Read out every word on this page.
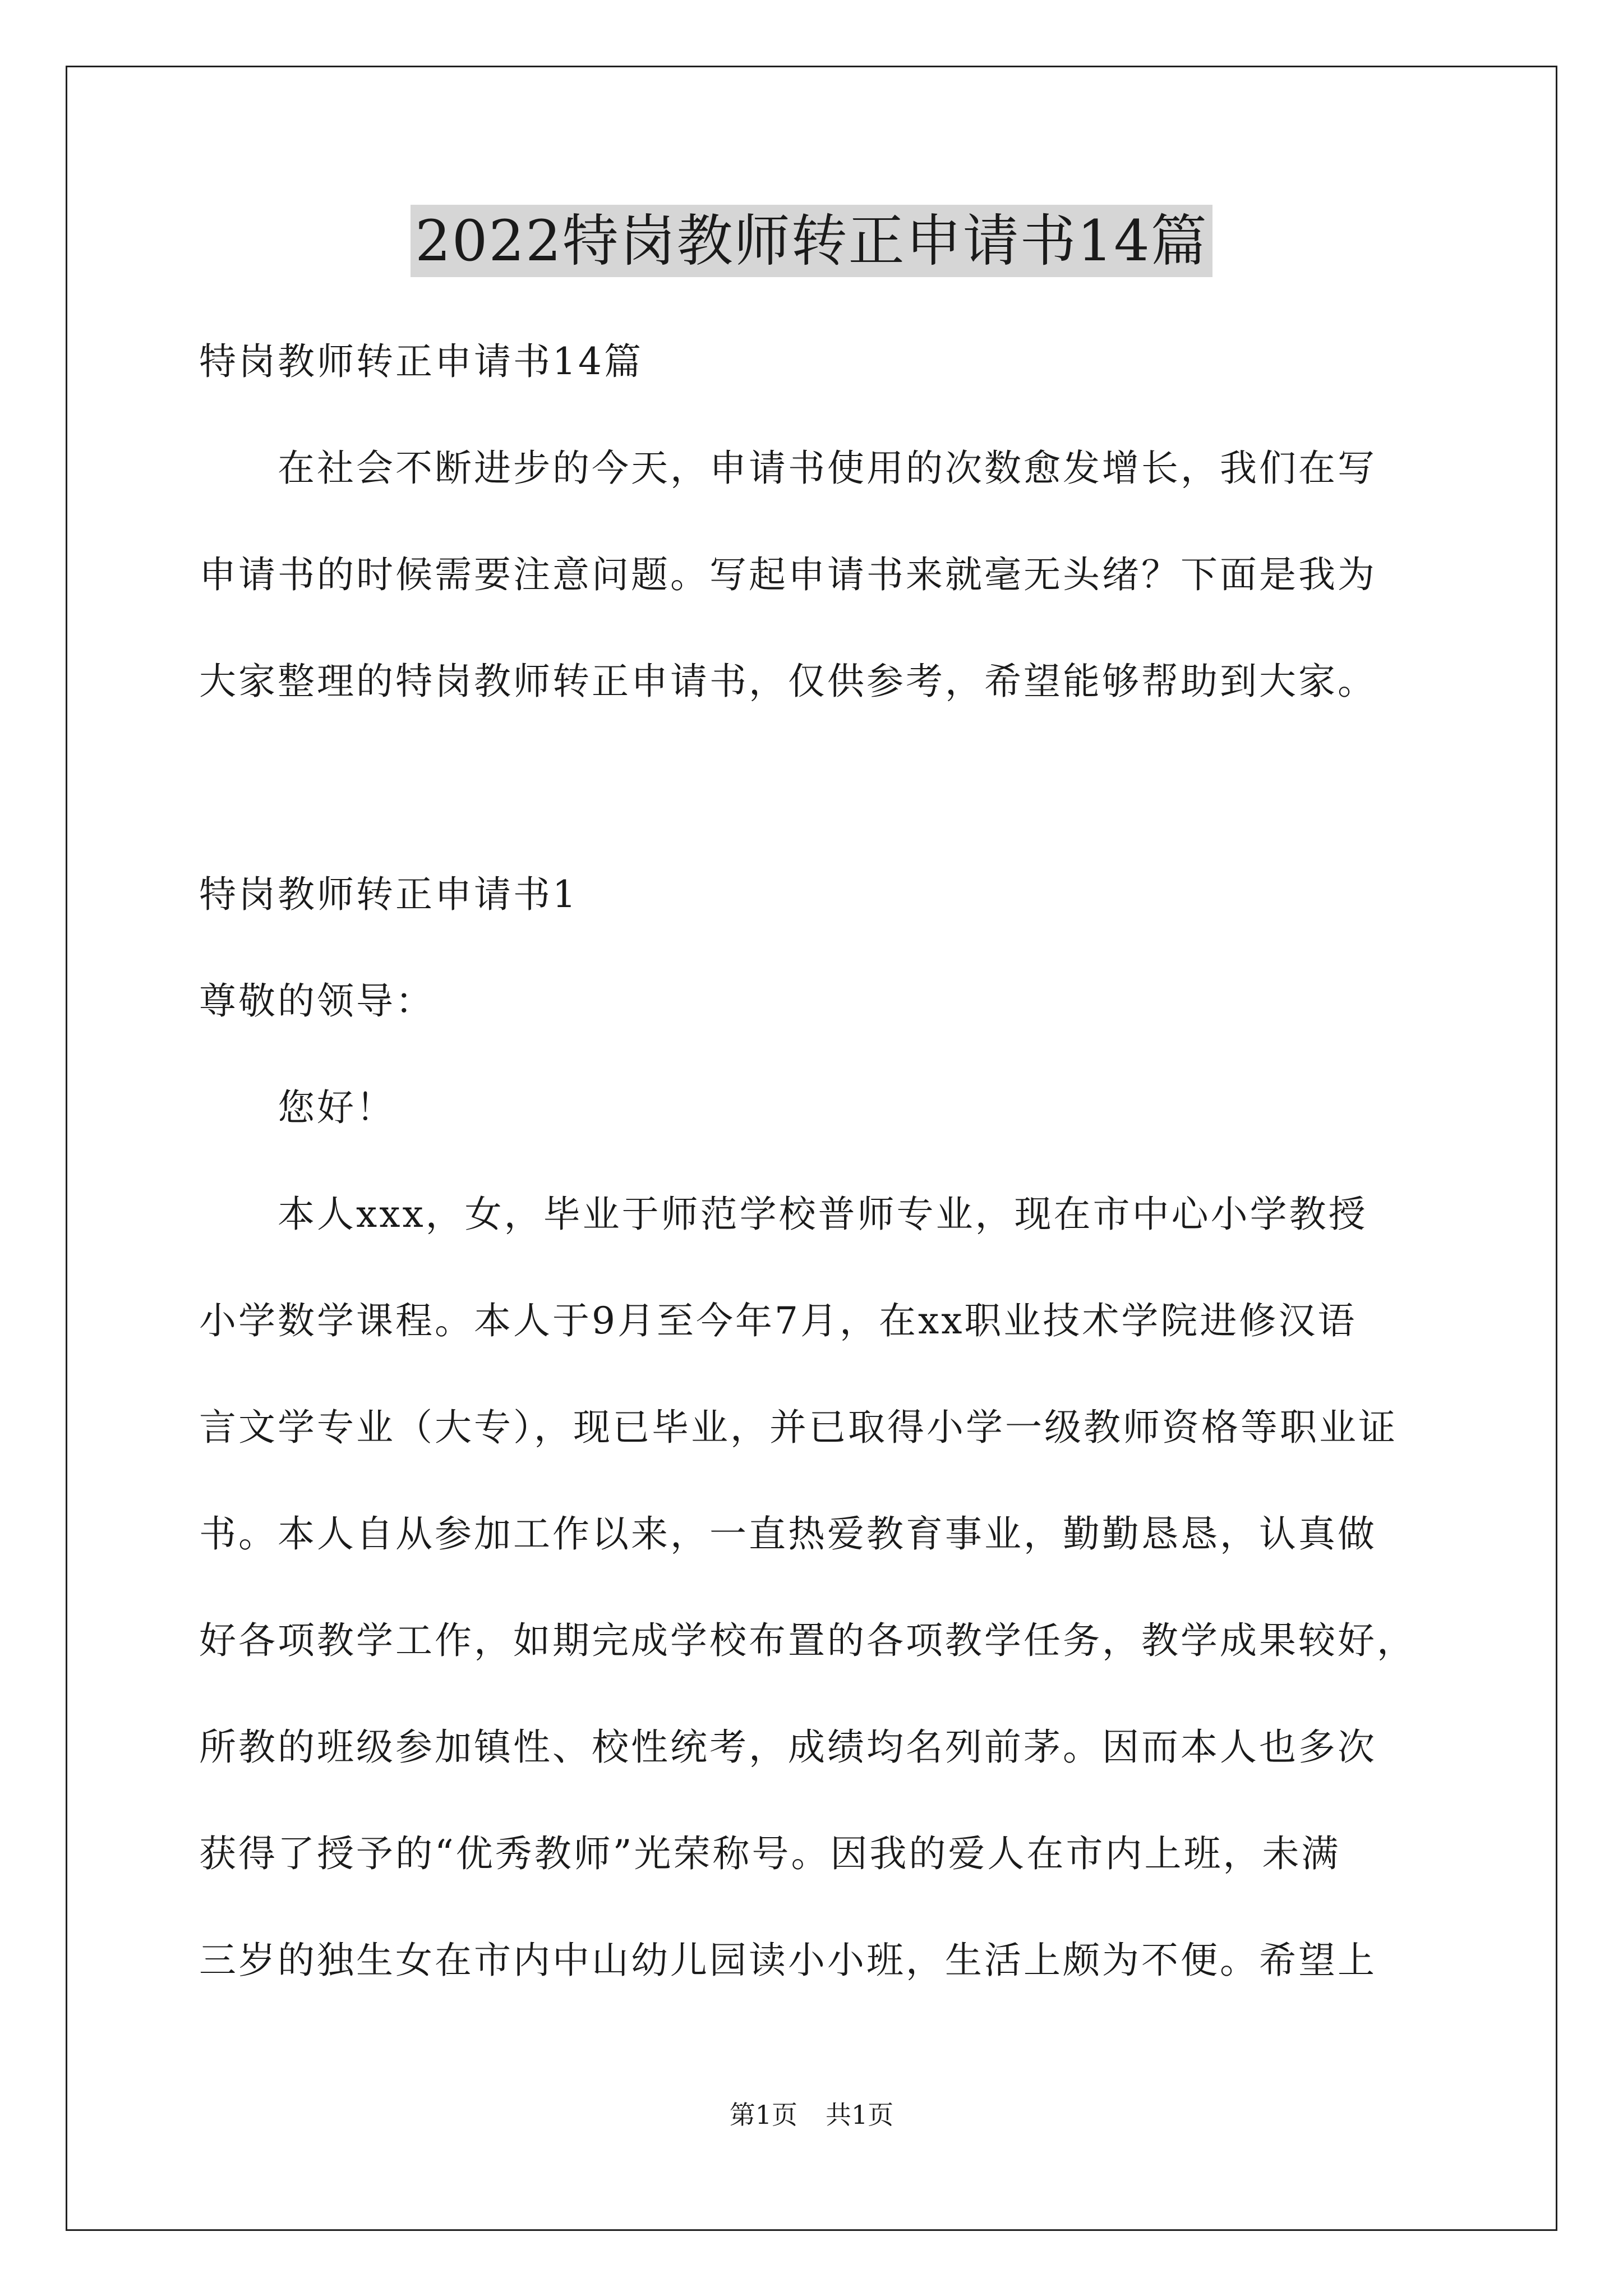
2022特岗教师转正申请书14篇
特岗教师转正申请书14篇
在社会不断进步的今天，申请书使用的次数愈发增长，我们在写
申请书的时候需要注意问题。写起申请书来就毫无头绪？下面是我为
大家整理的特岗教师转正申请书，仅供参考，希望能够帮助到大家。
特岗教师转正申请书1
尊敬的领导：
您好！
本人xxx，女，毕业于师范学校普师专业，现在市中心小学教授
小学数学课程。本人于9月至今年7月，在xx职业技术学院进修汉语
言文学专业（大专），现已毕业，并已取得小学一级教师资格等职业证
书。本人自从参加工作以来，一直热爱教育事业，勤勤恳恳，认真做
好各项教学工作，如期完成学校布置的各项教学任务，教学成果较好，
所教的班级参加镇性、校性统考，成绩均名列前茅。因而本人也多次
获得了授予的“优秀教师”光荣称号。因我的爱人在市内上班，未满
三岁的独生女在市内中山幼儿园读小小班，生活上颇为不便。希望上
第1页 共1页
